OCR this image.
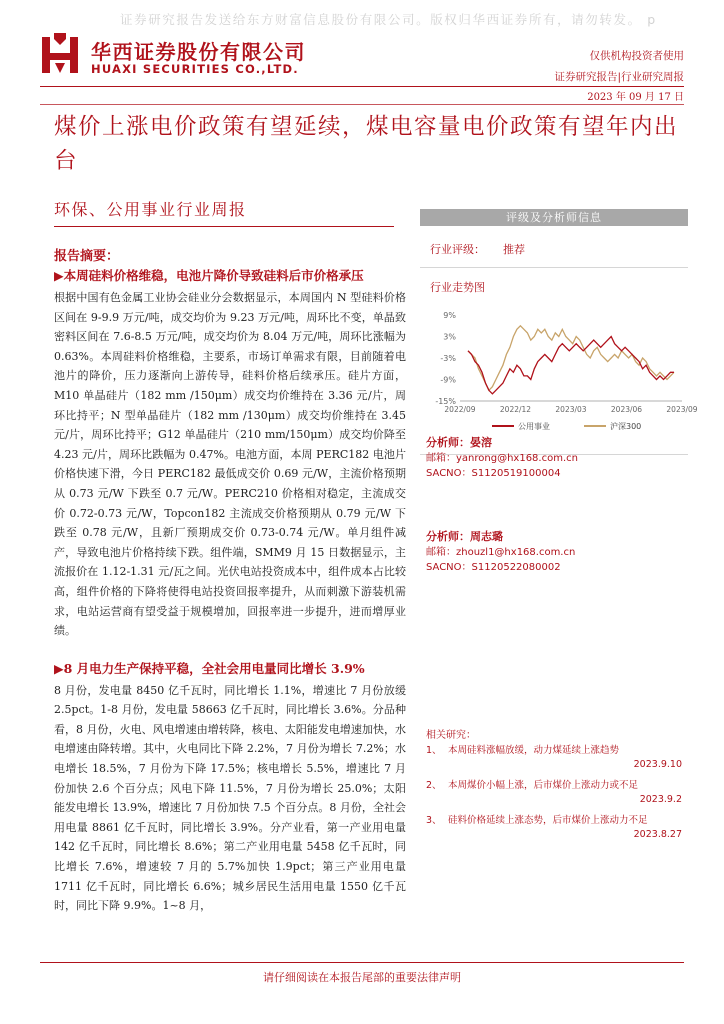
证券研究报告发送给东方财富信息股份有限公司。版权归华西证券所有，请勿转发。 p
华西证券股份有限公司
HUAXI SECURITIES CO.,LTD.
仅供机构投资者使用
证券研究报告|行业研究周报
2023 年 09 月 17 日
煤价上涨电价政策有望延续，煤电容量电价政策有望年内出台
环保、公用事业行业周报
报告摘要：
▶本周硅料价格维稳，电池片降价导致硅料后市价格承压

根据中国有色金属工业协会硅业分会数据显示，本周国内 N 型硅料价格区间在 9-9.9 万元/吨，成交均价为 9.23 万元/吨，周环比不变，单晶致密料区间在 7.6-8.5 万元/吨，成交均价为 8.04 万元/吨，周环比涨幅为 0.63%。本周硅料价格维稳，主要系，市场订单需求有限，目前随着电池片的降价，压力逐渐向上游传导，硅料价格后续承压。硅片方面，M10 单晶硅片（182 mm /150μm）成交均价维持在 3.36 元/片，周环比持平；N 型单晶硅片（182 mm /130μm）成交均价维持在 3.45 元/片，周环比持平；G12 单晶硅片（210 mm/150μm）成交均价降至 4.23 元/片，周环比跌幅为 0.47%。电池方面，本周 PERC182 电池片价格快速下滑，今日 PERC182 最低成交价 0.69 元/W，主流价格预期从 0.73 元/W 下跌至 0.7 元/W。PERC210 价格相对稳定，主流成交价 0.72-0.73 元/W，Topcon182 主流成交价格预期从 0.79 元/W 下跌至 0.78 元/W，且新厂预期成交价 0.73-0.74 元/W。单月组件减产，导致电池片价格持续下跌。组件端，SMM9 月 15 日数据显示，主流报价在 1.12-1.31 元/瓦之间。光伏电站投资成本中，组件成本占比较高，组件价格的下降将使得电站投资回报率提升，从而刺激下游装机需求，电站运营商有望受益于规模增加，回报率进一步提升，进而增厚业绩。

▶8 月电力生产保持平稳，全社会用电量同比增长 3.9%

8 月份，发电量 8450 亿千瓦时，同比增长 1.1%，增速比 7 月份放缓 2.5pct。1-8 月份，发电量 58663 亿千瓦时，同比增长 3.6%。分品种看，8 月份，火电、风电增速由增转降，核电、太阳能发电增速加快，水电增速由降转增。其中，火电同比下降 2.2%，7 月份为增长 7.2%；水电增长 18.5%，7 月份为下降 17.5%；核电增长 5.5%，增速比 7 月份加快 2.6 个百分点；风电下降 11.5%，7 月份为增长 25.0%；太阳能发电增长 13.9%，增速比 7 月份加快 7.5 个百分点。8 月份，全社会用电量 8861 亿千瓦时，同比增长 3.9%。分产业看，第一产业用电量 142 亿千瓦时，同比增长 8.6%；第二产业用电量 5458 亿千瓦时，同比增长 7.6%，增速较 7 月的 5.7%加快 1.9pct；第三产业用电量 1711 亿千瓦时，同比增长 6.6%；城乡居民生活用电量 1550 亿千瓦时，同比下降 9.9%。1~8 月，

评级及分析师信息
行业评级： 推荐
行业走势图
9%
3%
-3%
-9%
-15%
2022/09	2022/12	2023/03	2023/06	2023/09
公用事业	沪深300
分析师：晏溶
邮箱：yanrong@hx168.com.cn
SACNO：S1120519100004
分析师：周志璐
邮箱：zhouzl1@hx168.com.cn
SACNO：S1120522080002
相关研究：
1、 本周硅料涨幅放缓，动力煤延续上涨趋势
2023.9.10
2、 本周煤价小幅上涨，后市煤价上涨动力或不足
2023.9.2
3、 硅料价格延续上涨态势，后市煤价上涨动力不足
2023.8.27
请仔细阅读在本报告尾部的重要法律声明
